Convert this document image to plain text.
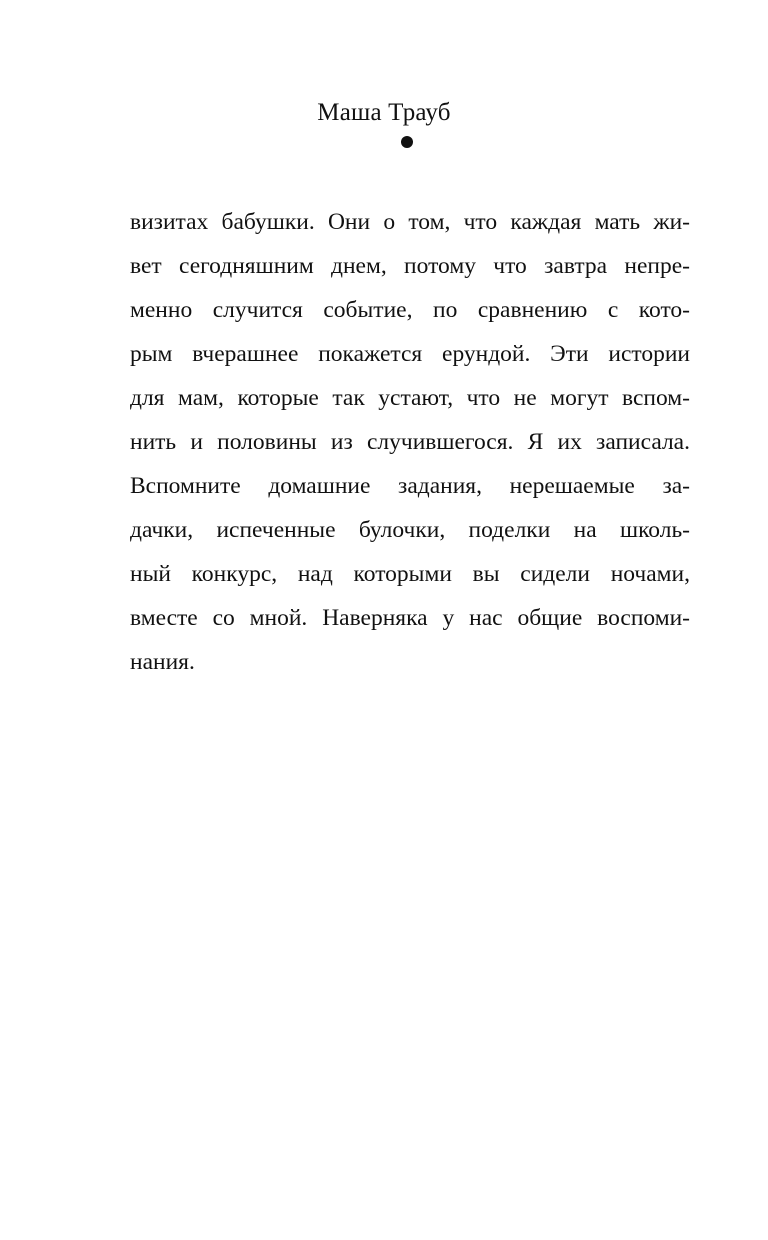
Маша Трауб
визитах бабушки. Они о том, что каждая мать жи-
вет сегодняшним днем, потому что завтра непре-
менно случится событие, по сравнению с кото-
рым вчерашнее покажется ерундой. Эти истории
для мам, которые так устают, что не могут вспом-
нить и половины из случившегося. Я их записала.
Вспомните домашние задания, нерешаемые за-
дачки, испеченные булочки, поделки на школь-
ный конкурс, над которыми вы сидели ночами,
вместе со мной. Наверняка у нас общие воспоми-
нания.
